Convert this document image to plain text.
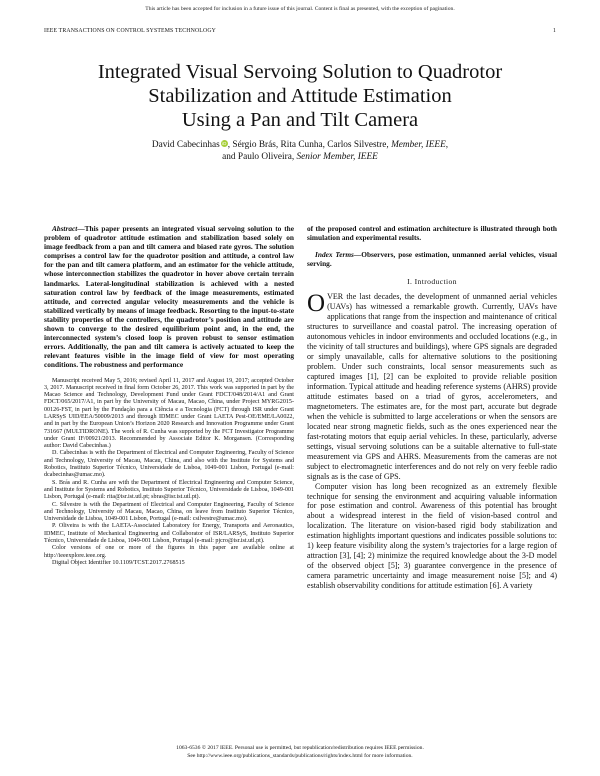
This article has been accepted for inclusion in a future issue of this journal. Content is final as presented, with the exception of pagination.
IEEE TRANSACTIONS ON CONTROL SYSTEMS TECHNOLOGY	1
Integrated Visual Servoing Solution to Quadrotor
Stabilization and Attitude Estimation
Using a Pan and Tilt Camera
David Cabecinhas iD, Sérgio Brás, Rita Cunha, Carlos Silvestre, Member, IEEE,
and Paulo Oliveira, Senior Member, IEEE

Abstract—This paper presents an integrated visual servoing solution to the problem of quadrotor attitude estimation and stabilization based solely on image feedback from a pan and tilt camera and biased rate gyros. The solution comprises a control law for the quadrotor position and attitude, a control law for the pan and tilt camera platform, and an estimator for the vehicle attitude, whose interconnection stabilizes the quadrotor in hover above certain terrain landmarks. Lateral-longitudinal stabilization is achieved with a nested saturation control law by feedback of the image measurements, estimated attitude, and corrected angular velocity measurements and the vehicle is stabilized vertically by means of image feedback. Resorting to the input-to-state stability properties of the controllers, the quadrotor’s position and attitude are shown to converge to the desired equilibrium point and, in the end, the interconnected system’s closed loop is proven robust to sensor estimation errors. Additionally, the pan and tilt camera is actively actuated to keep the relevant features visible in the image field of view for most operating conditions. The robustness and performance

Manuscript received May 5, 2016; revised April 11, 2017 and August 19, 2017; accepted October 3, 2017. Manuscript received in final form October 26, 2017. This work was supported in part by the Macao Science and Technology, Development Fund under Grant FDCT/048/2014/A1 and Grant FDCT/065/2017/A1, in part by the University of Macau, Macao, China, under Project MYRG2015-00126-FST, in part by the Fundação para a Ciência e a Tecnologia (FCT) through ISR under Grant LARSyS UID/EEA/50009/2013 and through IDMEC under Grant LAETA Pest-OE/EME/LA0022, and in part by the European Union’s Horizon 2020 Research and Innovation Programme under Grant 731667 (MULTIDRONE). The work of R. Cunha was supported by the FCT Investigator Programme under Grant IF/00921/2013. Recommended by Associate Editor K. Morgansen. (Corresponding author: David Cabecinhas.)

D. Cabecinhas is with the Department of Electrical and Computer Engineering, Faculty of Science and Technology, University of Macau, Macau, China, and also with the Institute for Systems and Robotics, Instituto Superior Técnico, Universidade de Lisboa, 1049-001 Lisbon, Portugal (e-mail: dcabecinhas@umac.mo).

S. Brás and R. Cunha are with the Department of Electrical Engineering and Computer Science, and Institute for Systems and Robotics, Instituto Superior Técnico, Universidade de Lisboa, 1049-001 Lisbon, Portugal (e-mail: rita@isr.ist.utl.pt; sbras@isr.ist.utl.pt).

C. Silvestre is with the Department of Electrical and Computer Engineering, Faculty of Science and Technology, University of Macau, Macao, China, on leave from Instituto Superior Técnico, Universidade de Lisboa, 1049-001 Lisbon, Portugal (e-mail: csilvestre@umac.mo).

P. Oliveira is with the LAETA-Associated Laboratory for Energy, Transports and Aeronautics, IDMEC, Institute of Mechanical Engineering and Collaborator of ISR/LARSyS, Instituto Superior Técnico, Universidade de Lisboa, 1049-001 Lisbon, Portugal (e-mail: pjcro@isr.ist.utl.pt).

Color versions of one or more of the figures in this paper are available online at http://ieeexplore.ieee.org.

Digital Object Identifier 10.1109/TCST.2017.2768515

of the proposed control and estimation architecture is illustrated through both simulation and experimental results.

Index Terms—Observers, pose estimation, unmanned aerial vehicles, visual serving.

I. Introduction

OVER the last decades, the development of unmanned aerial vehicles (UAVs) has witnessed a remarkable growth. Currently, UAVs have applications that range from the inspection and maintenance of critical structures to surveillance and coastal patrol. The increasing operation of autonomous vehicles in indoor environments and occluded locations (e.g., in the vicinity of tall structures and buildings), where GPS signals are degraded or simply unavailable, calls for alternative solutions to the positioning problem. Under such constraints, local sensor measurements such as captured images [1], [2] can be exploited to provide reliable position information. Typical attitude and heading reference systems (AHRS) provide attitude estimates based on a triad of gyros, accelerometers, and magnetometers. The estimates are, for the most part, accurate but degrade when the vehicle is submitted to large accelerations or when the sensors are located near strong magnetic fields, such as the ones experienced near the fast-rotating motors that equip aerial vehicles. In these, particularly, adverse settings, visual servoing solutions can be a suitable alternative to full-state measurement via GPS and AHRS. Measurements from the cameras are not subject to electromagnetic interferences and do not rely on very feeble radio signals as is the case of GPS.

Computer vision has long been recognized as an extremely flexible technique for sensing the environment and acquiring valuable information for pose estimation and control. Awareness of this potential has brought about a widespread interest in the field of vision-based control and localization. The literature on vision-based rigid body stabilization and estimation highlights important questions and indicates possible solutions to: 1) keep feature visibility along the system’s trajectories for a large region of attraction [3], [4]; 2) minimize the required knowledge about the 3-D model of the observed object [5]; 3) guarantee convergence in the presence of camera parametric uncertainty and image measurement noise [5]; and 4) establish observability conditions for attitude estimation [6]. A variety

1063-6536 © 2017 IEEE. Personal use is permitted, but republication/redistribution requires IEEE permission.
See http://www.ieee.org/publications_standards/publications/rights/index.html for more information.
